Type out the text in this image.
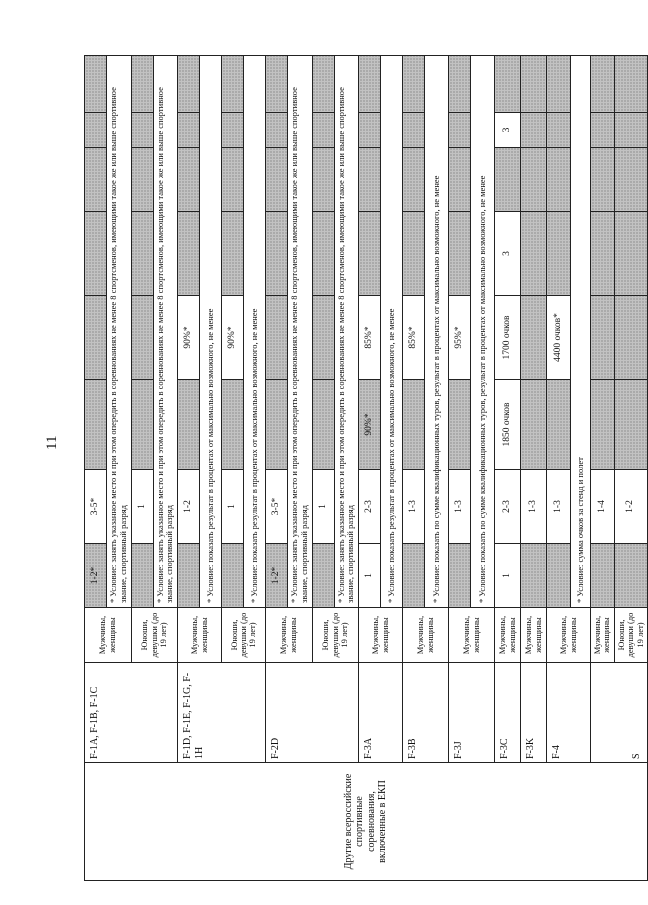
11
Другие всероссийские спортивные соревнования, включенные в ЕКП	F-1A, F-1B, F-1C	Мужчины, женщины	1-2*	3-5*						
			* Условие: занять указанное место и при этом опередить в соревнованиях не менее 8 спортсменов, имеющими такое же или выше спортивное звание, спортивный разряд							
		Юноши, девушки (до 19 лет)		1						
			* Условие: занять указанное место и при этом опередить в соревнованиях не менее 8 спортсменов, имеющими такое же или выше спортивное звание, спортивный разряд							
	F-1D, F-1E, F-1G, F-1H	Мужчины, женщины		1-2		90%*				
			* Условие: показать результат в процентах от максимально возможного, не менее							
		Юноши, девушки (до 19 лет)		1		90%*				
			* Условие: показать результат в процентах от максимально возможного, не менее							
	F-2D	Мужчины, женщины	1-2*	3-5*						
			* Условие: занять указанное место и при этом опередить в соревнованиях не менее 8 спортсменов, имеющими такое же или выше спортивное звание, спортивный разряд							
		Юноши, девушки (до 19 лет)		1						
			* Условие: занять указанное место и при этом опередить в соревнованиях не менее 8 спортсменов, имеющими такое же или выше спортивное звание, спортивный разряд							
	F-3A	Мужчины, женщины	1	2-3	90%*	85%*				
			* Условие: показать результат в процентах от максимально возможного, не менее							
	F-3B	Мужчины, женщины		1-3		85%*				
			* Условие: показать по сумме квалификационных туров, результат в процентах от максимально возможного, не менее							
	F-3J	Мужчины, женщины		1-3		95%*				
			* Условие: показать по сумме квалификационных туров, результат в процентах от максимально возможного, не менее							
	F-3C	Мужчины, женщины	1	2-3	1850 очков	1700 очков	3		3	
	F-3K	Мужчины, женщины		1-3						
	F-4	Мужчины, женщины		1-3		4400 очков*				
			* Условие: сумма очков за стенд и полет							
	S	Мужчины, женщины		1-4						
		Юноши, девушки (до 19 лет)		1-2						
